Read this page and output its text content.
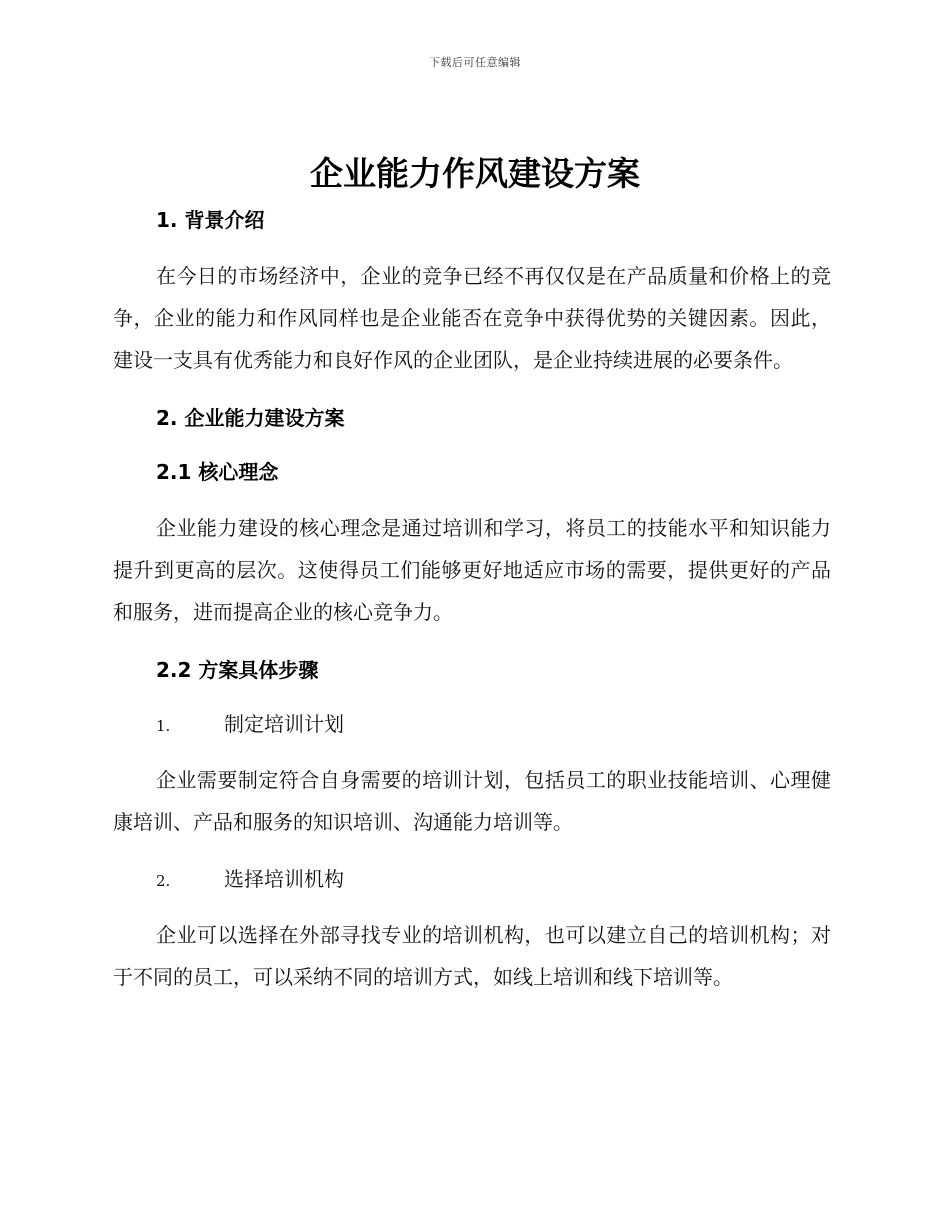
下载后可任意编辑
企业能力作风建设方案
1. 背景介绍

在今日的市场经济中，企业的竞争已经不再仅仅是在产品质量和价格上的竞争，企业的能力和作风同样也是企业能否在竞争中获得优势的关键因素。因此，建设一支具有优秀能力和良好作风的企业团队，是企业持续进展的必要条件。

2. 企业能力建设方案
2.1 核心理念

企业能力建设的核心理念是通过培训和学习，将员工的技能水平和知识能力提升到更高的层次。这使得员工们能够更好地适应市场的需要，提供更好的产品和服务，进而提高企业的核心竞争力。

2.2 方案具体步骤
1.	制定培训计划

企业需要制定符合自身需要的培训计划，包括员工的职业技能培训、心理健康培训、产品和服务的知识培训、沟通能力培训等。

2.	选择培训机构

企业可以选择在外部寻找专业的培训机构，也可以建立自己的培训机构；对于不同的员工，可以采纳不同的培训方式，如线上培训和线下培训等。
